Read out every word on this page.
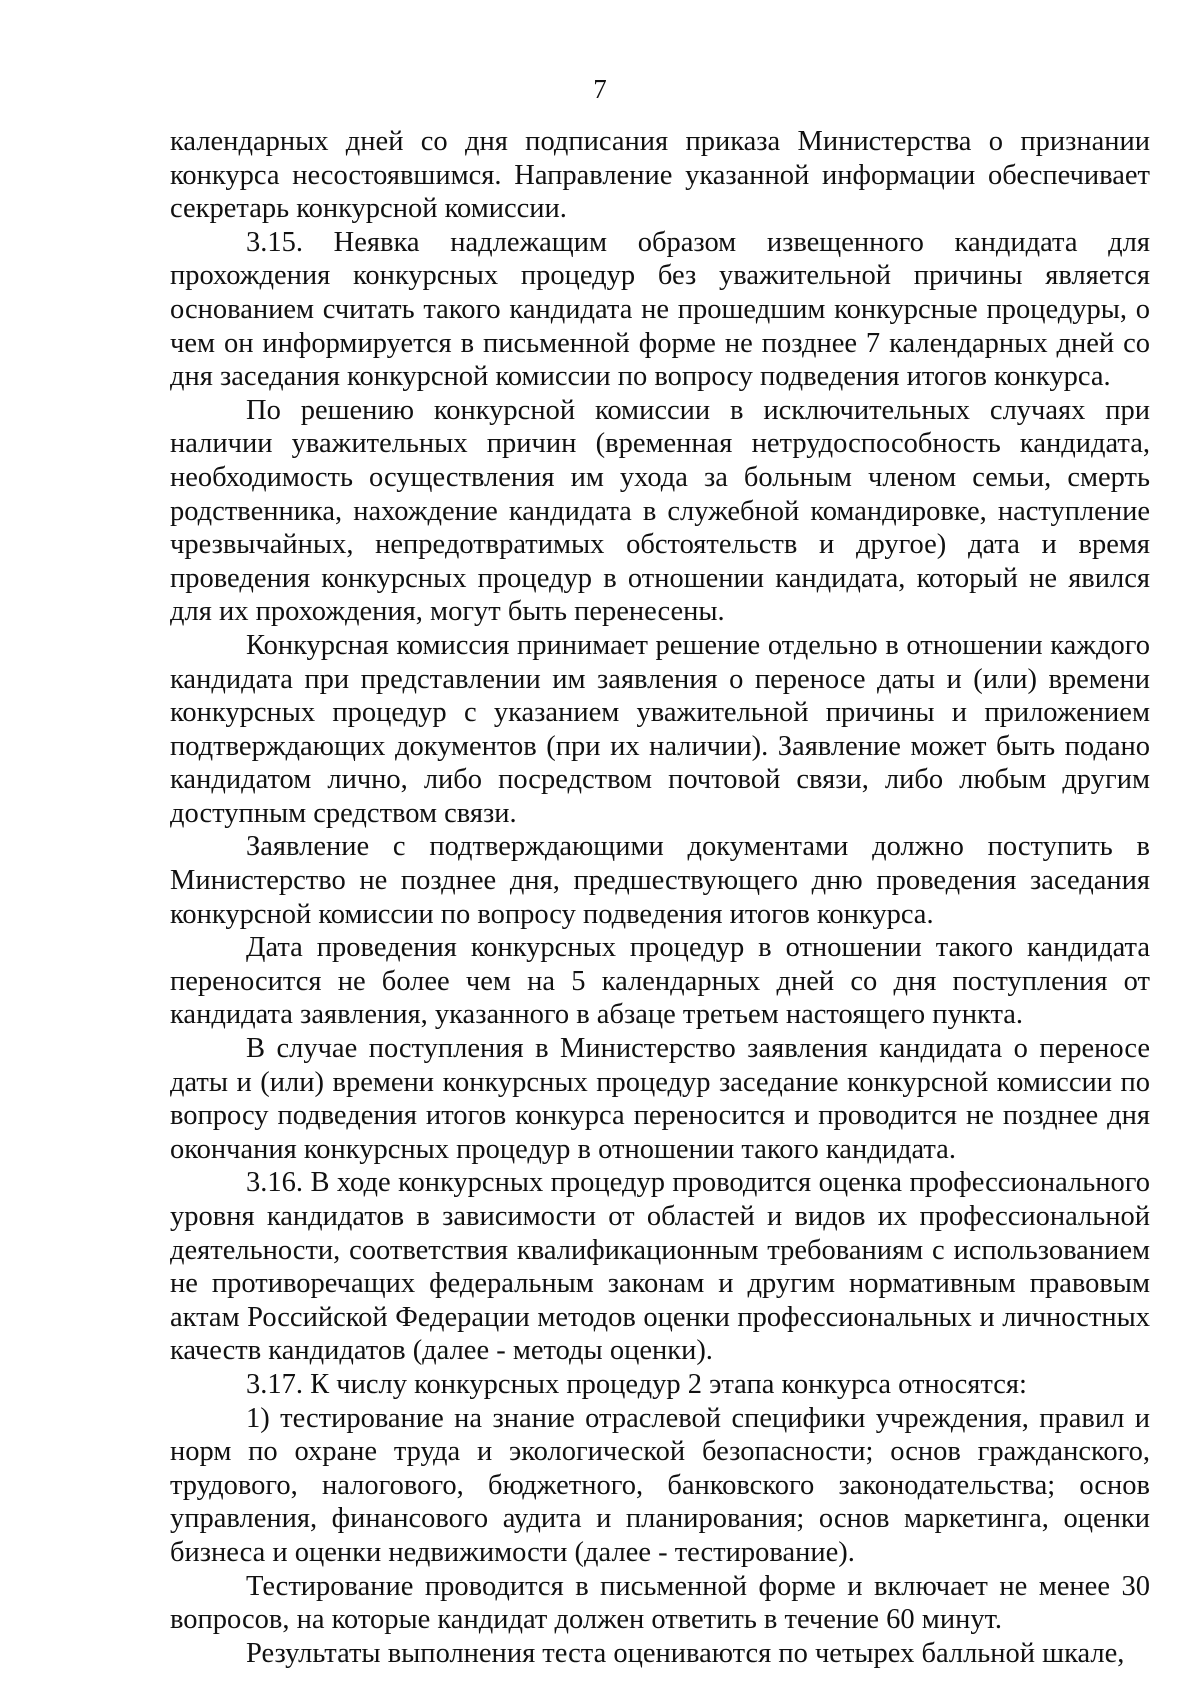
7

календарных дней со дня подписания приказа Министерства о признании конкурса несостоявшимся. Направление указанной информации обеспечивает секретарь конкурсной комиссии.

3.15. Неявка надлежащим образом извещенного кандидата для прохождения конкурсных процедур без уважительной причины является основанием считать такого кандидата не прошедшим конкурсные процедуры, о чем он информируется в письменной форме не позднее 7 календарных дней со дня заседания конкурсной комиссии по вопросу подведения итогов конкурса.

По решению конкурсной комиссии в исключительных случаях при наличии уважительных причин (временная нетрудоспособность кандидата, необходимость осуществления им ухода за больным членом семьи, смерть родственника, нахождение кандидата в служебной командировке, наступление чрезвычайных, непредотвратимых обстоятельств и другое) дата и время проведения конкурсных процедур в отношении кандидата, который не явился для их прохождения, могут быть перенесены.

Конкурсная комиссия принимает решение отдельно в отношении каждого кандидата при представлении им заявления о переносе даты и (или) времени конкурсных процедур с указанием уважительной причины и приложением подтверждающих документов (при их наличии). Заявление может быть подано кандидатом лично, либо посредством почтовой связи, либо любым другим доступным средством связи.

Заявление с подтверждающими документами должно поступить в Министерство не позднее дня, предшествующего дню проведения заседания конкурсной комиссии по вопросу подведения итогов конкурса.

Дата проведения конкурсных процедур в отношении такого кандидата переносится не более чем на 5 календарных дней со дня поступления от кандидата заявления, указанного в абзаце третьем настоящего пункта.

В случае поступления в Министерство заявления кандидата о переносе даты и (или) времени конкурсных процедур заседание конкурсной комиссии по вопросу подведения итогов конкурса переносится и проводится не позднее дня окончания конкурсных процедур в отношении такого кандидата.

3.16. В ходе конкурсных процедур проводится оценка профессионального уровня кандидатов в зависимости от областей и видов их профессиональной деятельности, соответствия квалификационным требованиям с использованием не противоречащих федеральным законам и другим нормативным правовым актам Российской Федерации методов оценки профессиональных и личностных качеств кандидатов (далее - методы оценки).

3.17. К числу конкурсных процедур 2 этапа конкурса относятся:

1) тестирование на знание отраслевой специфики учреждения, правил и норм по охране труда и экологической безопасности; основ гражданского, трудового, налогового, бюджетного, банковского законодательства; основ управления, финансового аудита и планирования; основ маркетинга, оценки бизнеса и оценки недвижимости (далее - тестирование).

Тестирование проводится в письменной форме и включает не менее 30 вопросов, на которые кандидат должен ответить в течение 60 минут.

Результаты выполнения теста оцениваются по четырех балльной шкале,
